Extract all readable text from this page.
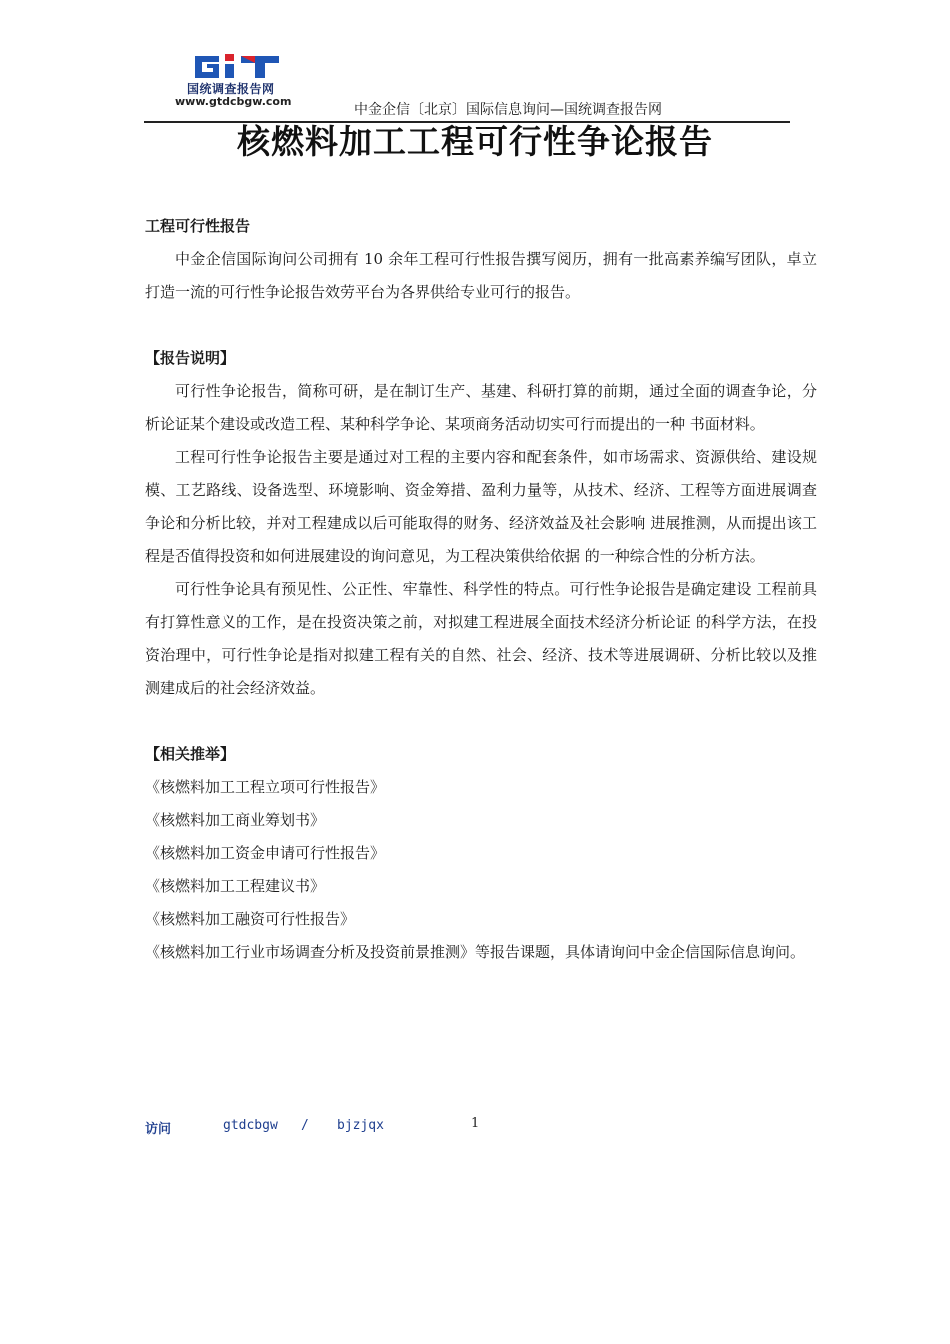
国统调查报告网
www.gtdcbgw.com
中金企信〔北京〕国际信息询问—国统调查报告网
核燃料加工工程可行性争论报告

工程可行性报告

中金企信国际询问公司拥有 10 余年工程可行性报告撰写阅历，拥有一批高素养编写团队，卓立打造一流的可行性争论报告效劳平台为各界供给专业可行的报告。

【报告说明】

可行性争论报告，简称可研，是在制订生产、基建、科研打算的前期，通过全面的调查争论，分析论证某个建设或改造工程、某种科学争论、某项商务活动切实可行而提出的一种 书面材料。

工程可行性争论报告主要是通过对工程的主要内容和配套条件，如市场需求、资源供给、建设规模、工艺路线、设备选型、环境影响、资金筹措、盈利力量等，从技术、经济、工程等方面进展调查争论和分析比较，并对工程建成以后可能取得的财务、经济效益及社会影响 进展推测，从而提出该工程是否值得投资和如何进展建设的询问意见，为工程决策供给依据 的一种综合性的分析方法。

可行性争论具有预见性、公正性、牢靠性、科学性的特点。可行性争论报告是确定建设 工程前具有打算性意义的工作，是在投资决策之前，对拟建工程进展全面技术经济分析论证 的科学方法，在投资治理中，可行性争论是指对拟建工程有关的自然、社会、经济、技术等进展调研、分析比较以及推测建成后的社会经济效益。

【相关推举】

《核燃料加工工程立项可行性报告》

《核燃料加工商业筹划书》

《核燃料加工资金申请可行性报告》

《核燃料加工工程建议书》

《核燃料加工融资可行性报告》

《核燃料加工行业市场调查分析及投资前景推测》等报告课题，具体请询问中金企信国际信息询问。

访问	gtdcbgw / bjzjqx	1
